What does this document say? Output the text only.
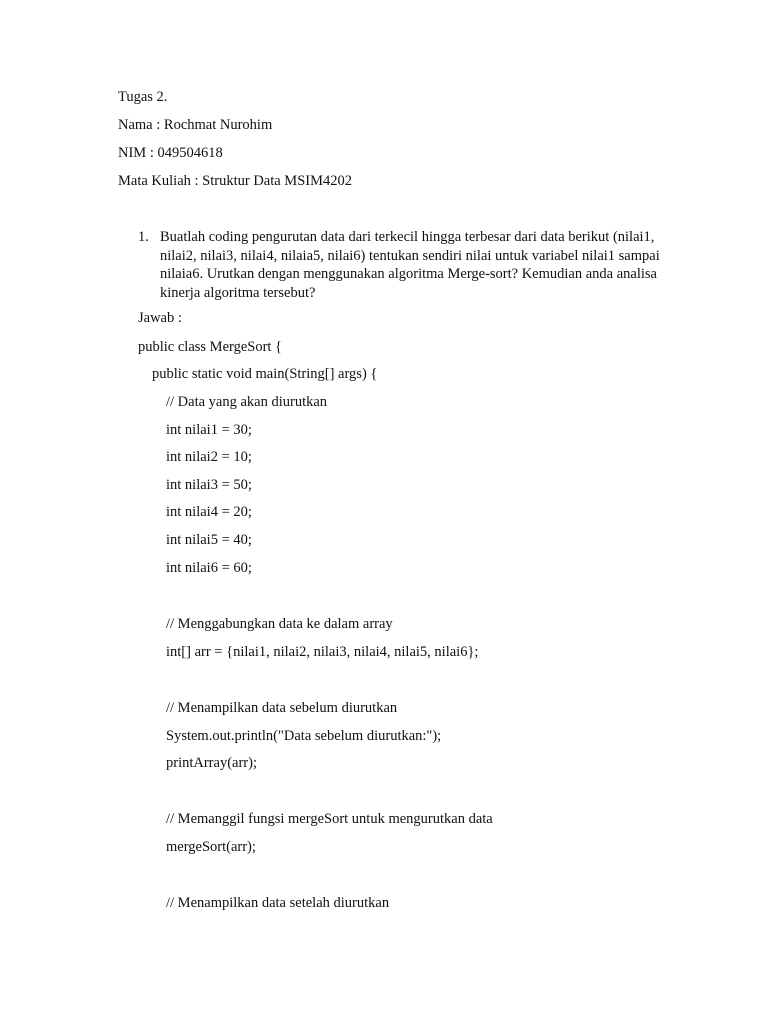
Tugas 2.
Nama : Rochmat Nurohim
NIM : 049504618
Mata Kuliah : Struktur Data MSIM4202
1. Buatlah coding pengurutan data dari terkecil hingga terbesar dari data berikut (nilai1, nilai2, nilai3, nilai4, nilaia5, nilai6) tentukan sendiri nilai untuk variabel nilai1 sampai nilaia6. Urutkan dengan menggunakan algoritma Merge-sort? Kemudian anda analisa kinerja algoritma tersebut?
Jawab :
public class MergeSort {
public static void main(String[] args) {
// Data yang akan diurutkan
int nilai1 = 30;
int nilai2 = 10;
int nilai3 = 50;
int nilai4 = 20;
int nilai5 = 40;
int nilai6 = 60;
// Menggabungkan data ke dalam array
int[] arr = {nilai1, nilai2, nilai3, nilai4, nilai5, nilai6};
// Menampilkan data sebelum diurutkan
System.out.println("Data sebelum diurutkan:");
printArray(arr);
// Memanggil fungsi mergeSort untuk mengurutkan data
mergeSort(arr);
// Menampilkan data setelah diurutkan
